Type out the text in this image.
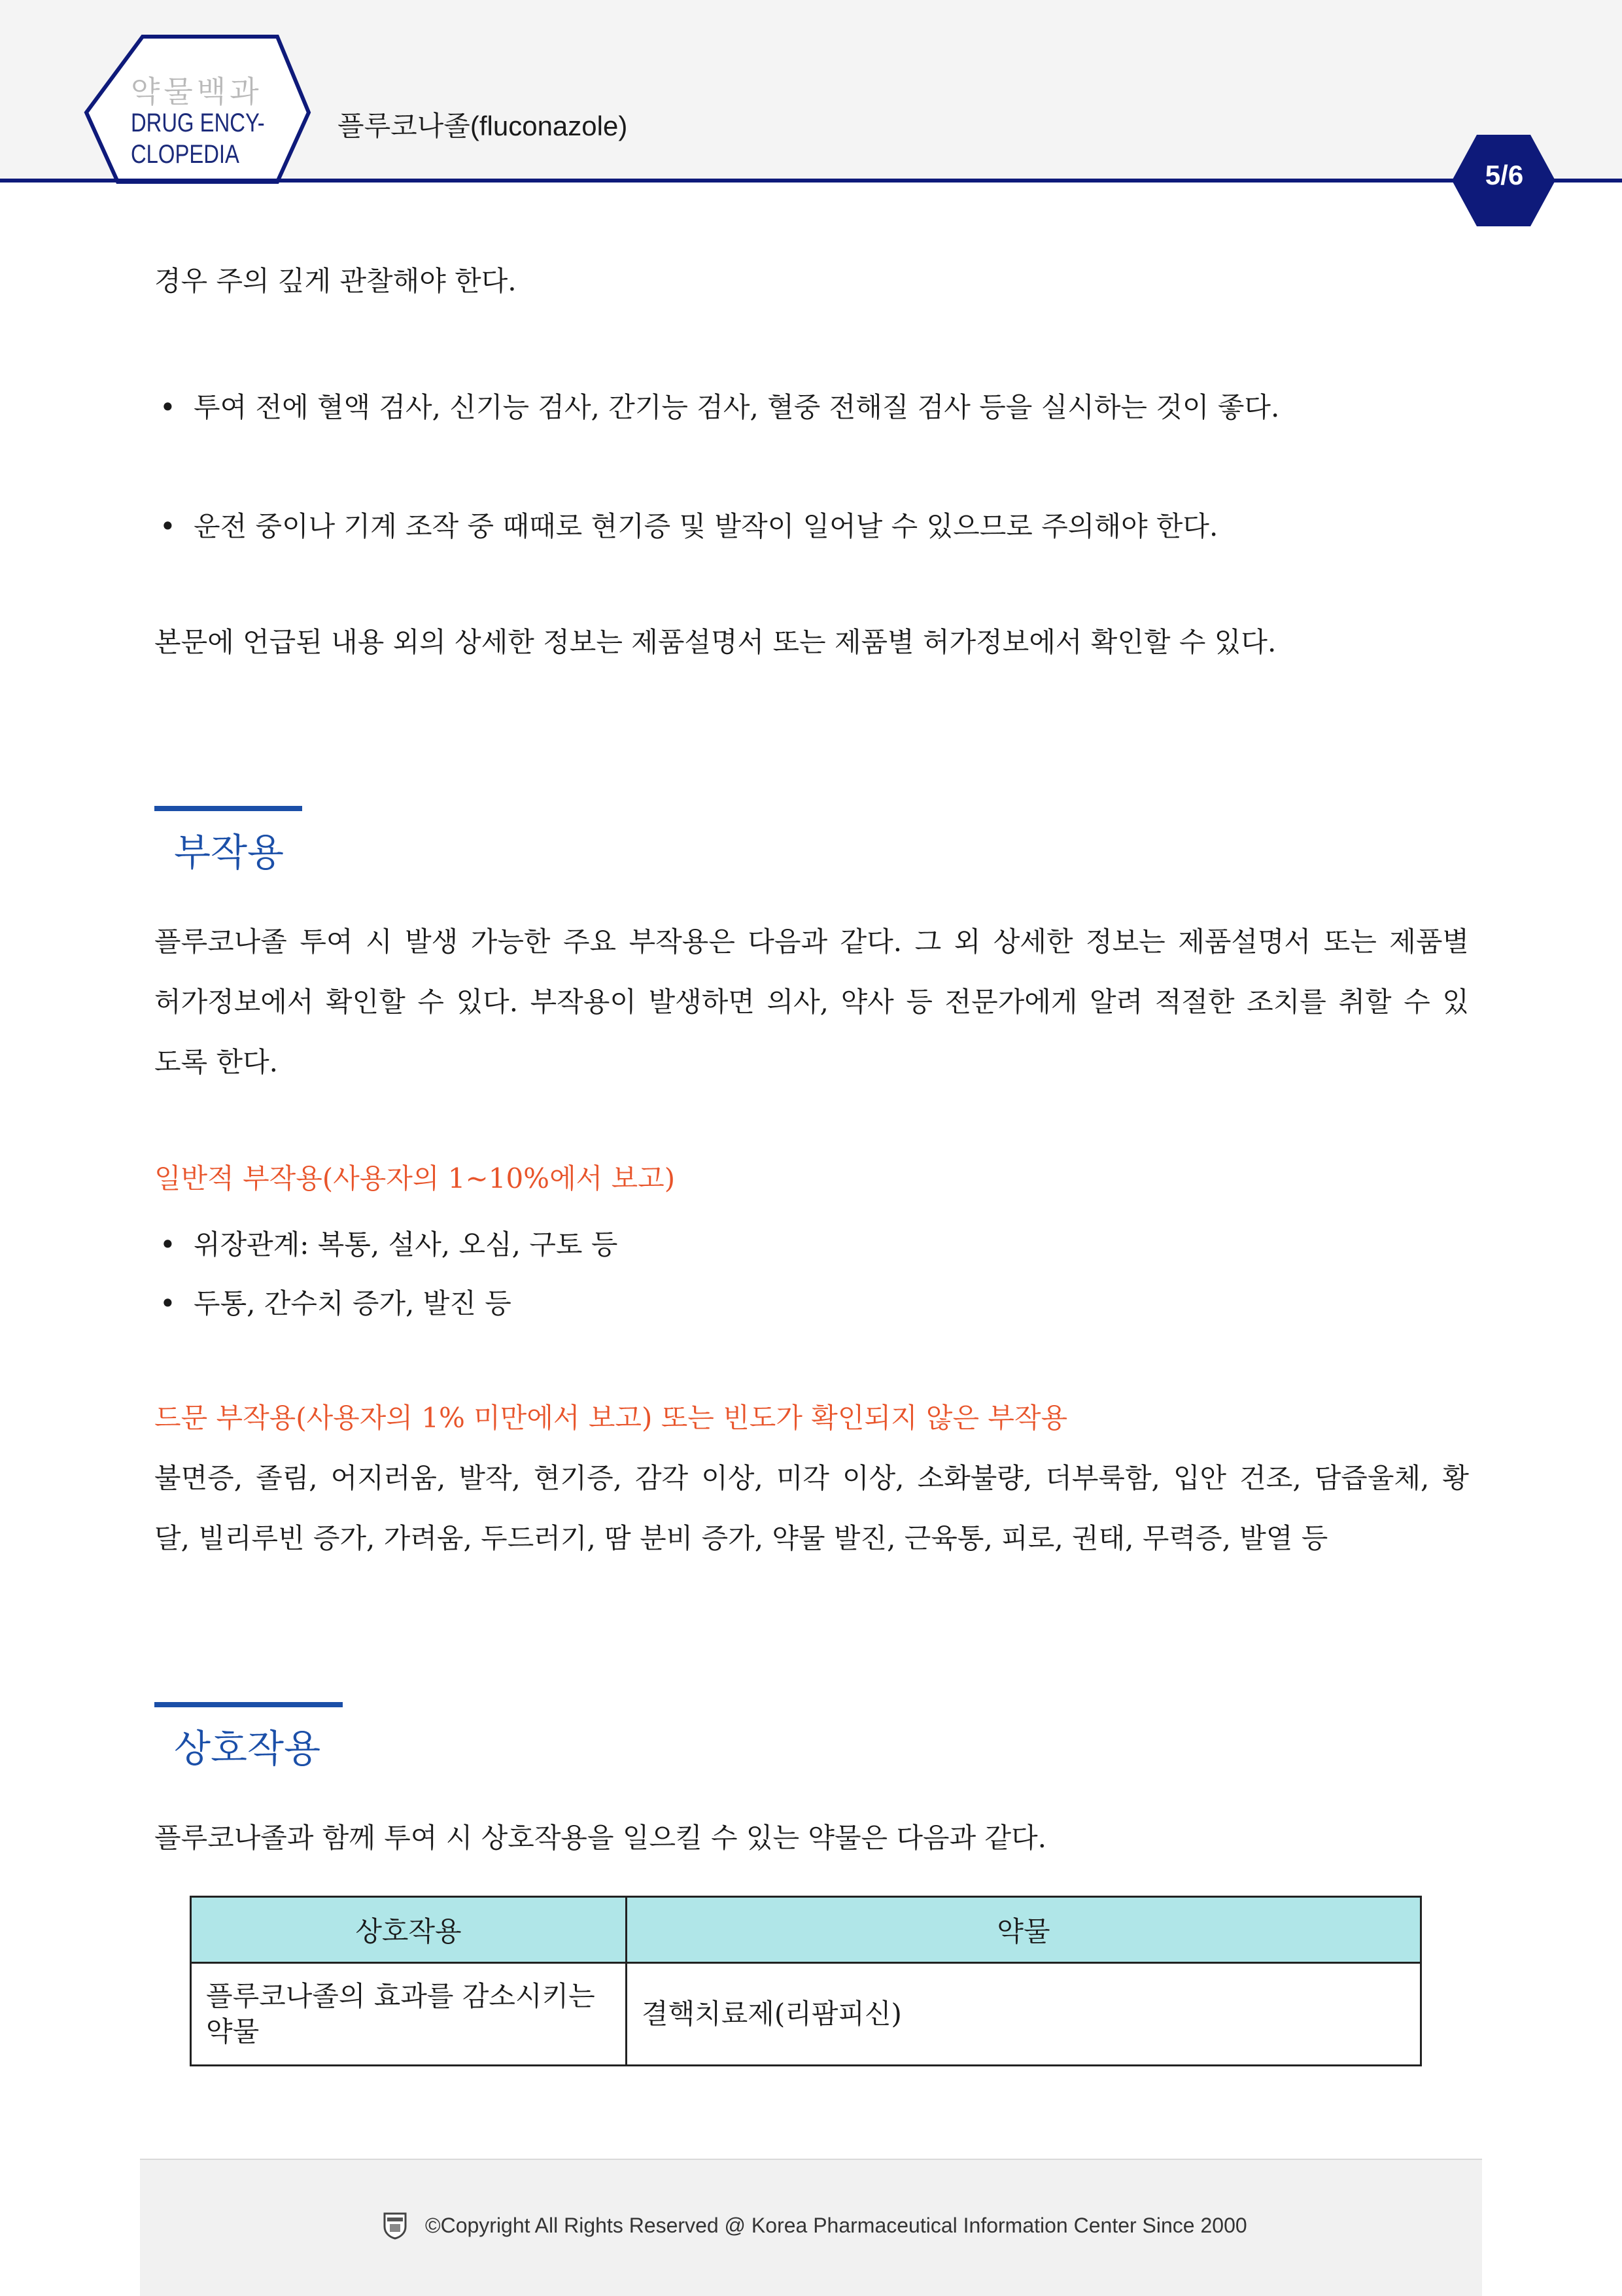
약물백과
DRUG ENCY-
CLOPEDIA
플루코나졸(fluconazole)
5/6
경우 주의 깊게 관찰해야 한다.
• 투여 전에 혈액 검사, 신기능 검사, 간기능 검사, 혈중 전해질 검사 등을 실시하는 것이 좋다.
• 운전 중이나 기계 조작 중 때때로 현기증 및 발작이 일어날 수 있으므로 주의해야 한다.
본문에 언급된 내용 외의 상세한 정보는 제품설명서 또는 제품별 허가정보에서 확인할 수 있다.
부작용
플루코나졸 투여 시 발생 가능한 주요 부작용은 다음과 같다. 그 외 상세한 정보는 제품설명서 또는 제품별
허가정보에서 확인할 수 있다. 부작용이 발생하면 의사, 약사 등 전문가에게 알려 적절한 조치를 취할 수 있
도록 한다.
일반적 부작용(사용자의 1~10%에서 보고)
• 위장관계: 복통, 설사, 오심, 구토 등
• 두통, 간수치 증가, 발진 등
드문 부작용(사용자의 1% 미만에서 보고) 또는 빈도가 확인되지 않은 부작용
불면증, 졸림, 어지러움, 발작, 현기증, 감각 이상, 미각 이상, 소화불량, 더부룩함, 입안 건조, 담즙울체, 황
달, 빌리루빈 증가, 가려움, 두드러기, 땀 분비 증가, 약물 발진, 근육통, 피로, 권태, 무력증, 발열 등
상호작용
플루코나졸과 함께 투여 시 상호작용을 일으킬 수 있는 약물은 다음과 같다.
상호작용	약물
플루코나졸의 효과를 감소시키는 약물	결핵치료제(리팜피신)
©Copyright All Rights Reserved @ Korea Pharmaceutical Information Center Since 2000
